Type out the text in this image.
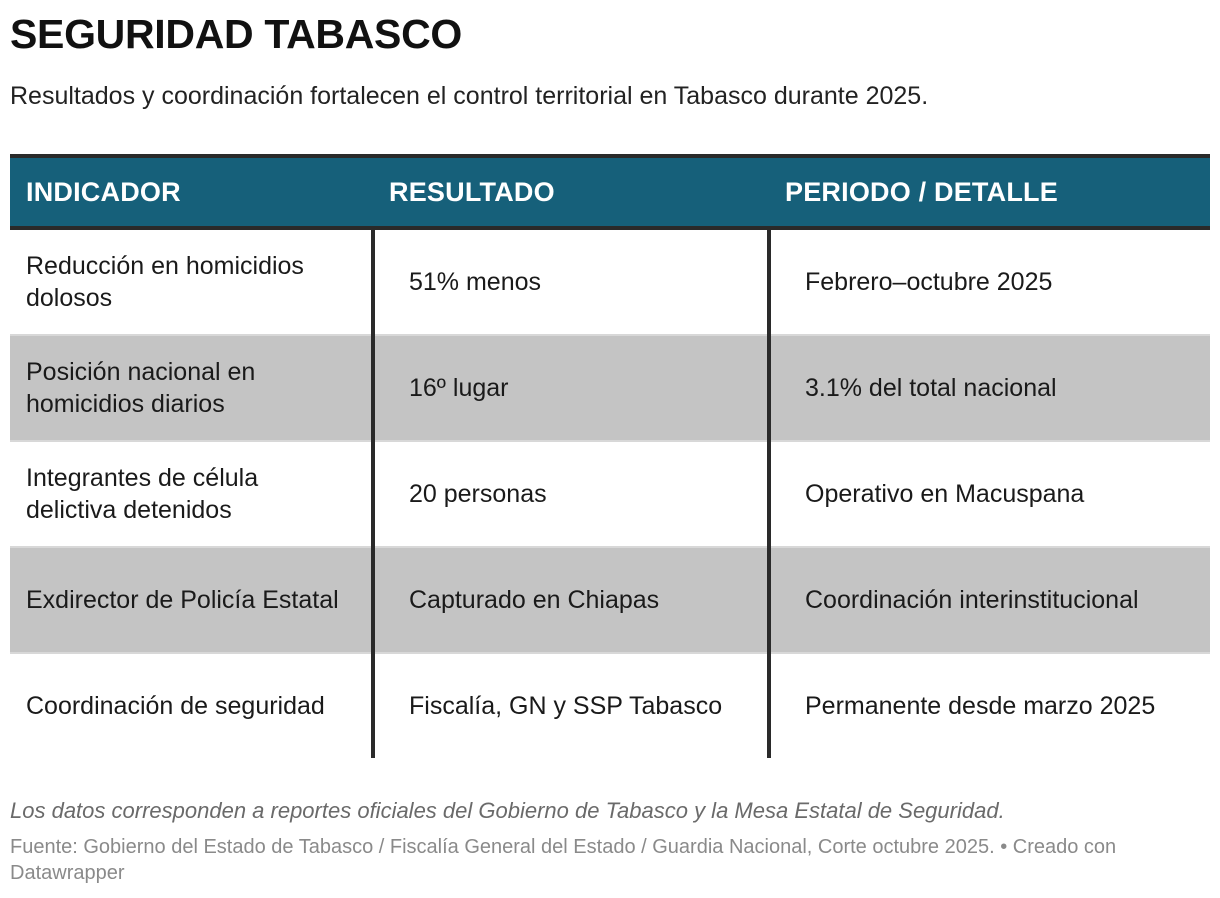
SEGURIDAD TABASCO

Resultados y coordinación fortalecen el control territorial en Tabasco durante 2025.

INDICADOR	RESULTADO	PERIODO / DETALLE
Reducción en homicidios dolosos	51% menos	Febrero–octubre 2025
Posición nacional en homicidios diarios	16º lugar	3.1% del total nacional
Integrantes de célula delictiva detenidos	20 personas	Operativo en Macuspana
Exdirector de Policía Estatal	Capturado en Chiapas	Coordinación interinstitucional
Coordinación de seguridad	Fiscalía, GN y SSP Tabasco	Permanente desde marzo 2025

Los datos corresponden a reportes oficiales del Gobierno de Tabasco y la Mesa Estatal de Seguridad.

Fuente: Gobierno del Estado de Tabasco / Fiscalía General del Estado / Guardia Nacional, Corte octubre 2025. • Creado con Datawrapper
